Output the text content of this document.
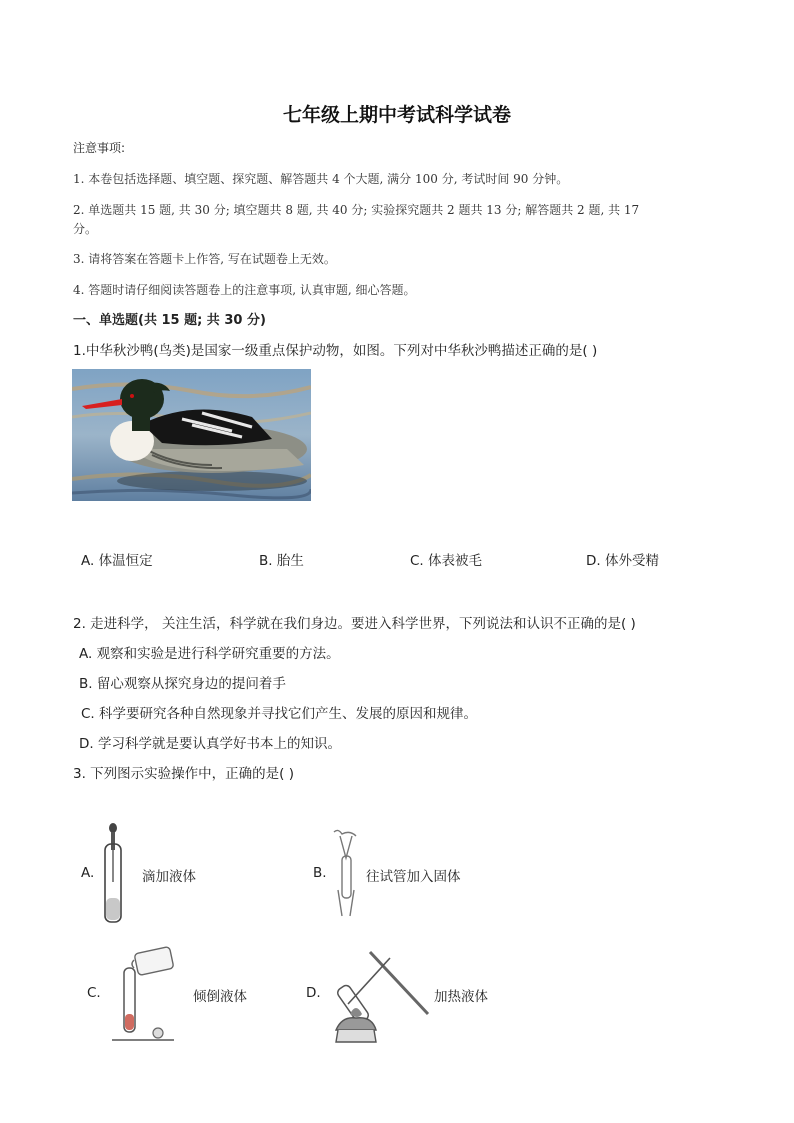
七年级上期中考试科学试卷
注意事项:
1. 本卷包括选择题、填空题、探究题、解答题共 4 个大题, 满分 100 分, 考试时间 90 分钟。
2. 单选题共 15 题, 共 30 分; 填空题共 8 题, 共 40 分; 实验探究题共 2 题共 13 分; 解答题共 2 题, 共 17
分。
3. 请将答案在答题卡上作答, 写在试题卷上无效。
4. 答题时请仔细阅读答题卷上的注意事项, 认真审题, 细心答题。
一、单选题(共 15 题; 共 30 分)
1.中华秋沙鸭(鸟类)是国家一级重点保护动物，如图。下列对中华秋沙鸭描述正确的是( )
A. 体温恒定	B. 胎生	C. 体表被毛	D. 体外受精
2. 走进科学， 关注生活，科学就在我们身边。要进入科学世界，下列说法和认识不正确的是( )
A. 观察和实验是进行科学研究重要的方法。
B. 留心观察从探究身边的提问着手
C. 科学要研究各种自然现象并寻找它们产生、发展的原因和规律。
D. 学习科学就是要认真学好书本上的知识。
3. 下列图示实验操作中，正确的是( )
A.	滴加液体	B.	往试管加入固体
C.	倾倒液体	D.	加热液体
